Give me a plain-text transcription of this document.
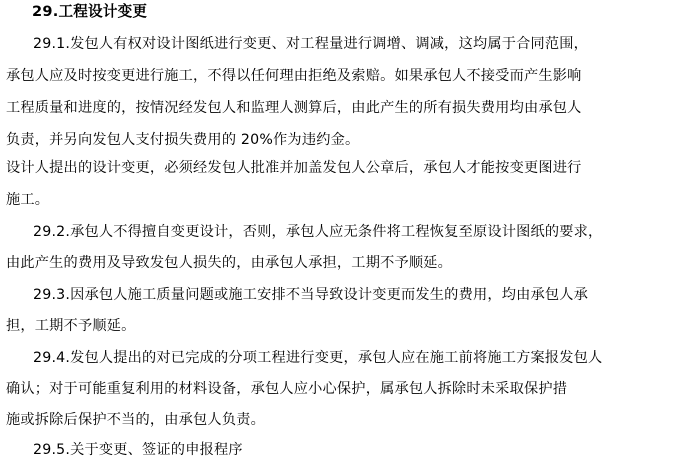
29.工程设计变更
29.1.发包人有权对设计图纸进行变更、对工程量进行调增、调减，这均属于合同范围，
承包人应及时按变更进行施工，不得以任何理由拒绝及索赔。如果承包人不接受而产生影响
工程质量和进度的，按情况经发包人和监理人测算后，由此产生的所有损失费用均由承包人
负责，并另向发包人支付损失费用的 20%作为违约金。
设计人提出的设计变更，必须经发包人批准并加盖发包人公章后，承包人才能按变更图进行
施工。
29.2.承包人不得擅自变更设计，否则，承包人应无条件将工程恢复至原设计图纸的要求，
由此产生的费用及导致发包人损失的，由承包人承担，工期不予顺延。
29.3.因承包人施工质量问题或施工安排不当导致设计变更而发生的费用，均由承包人承
担，工期不予顺延。
29.4.发包人提出的对已完成的分项工程进行变更，承包人应在施工前将施工方案报发包人
确认；对于可能重复利用的材料设备，承包人应小心保护，属承包人拆除时未采取保护措
施或拆除后保护不当的，由承包人负责。
29.5.关于变更、签证的申报程序
